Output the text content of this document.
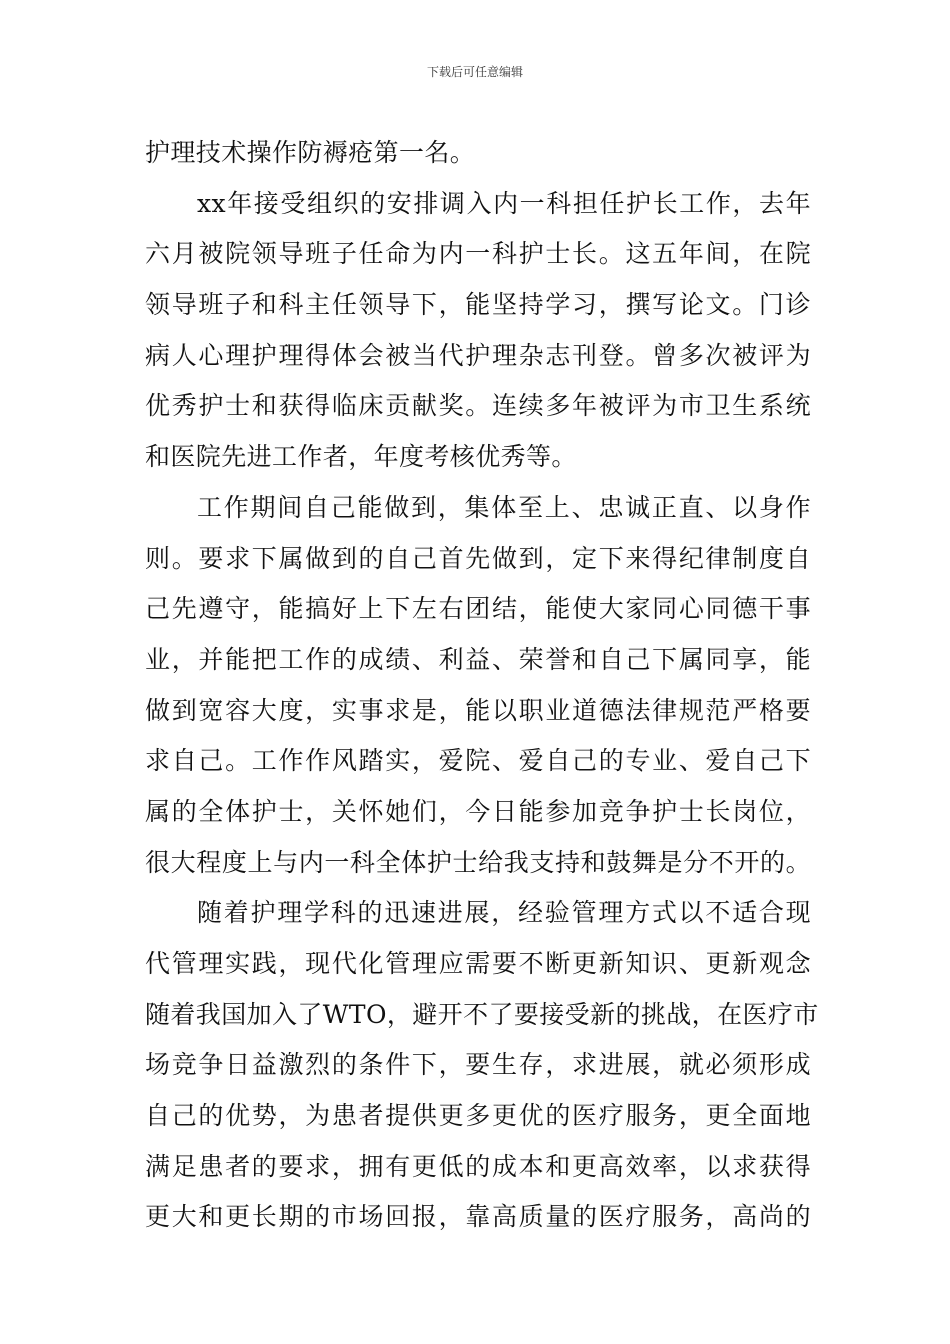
下载后可任意编辑
护理技术操作防褥疮第一名。
xx年接受组织的安排调入内一科担任护长工作，去年
六月被院领导班子任命为内一科护士长。这五年间，在院
领导班子和科主任领导下，能坚持学习，撰写论文。门诊
病人心理护理得体会被当代护理杂志刊登。曾多次被评为
优秀护士和获得临床贡献奖。连续多年被评为市卫生系统
和医院先进工作者，年度考核优秀等。
工作期间自己能做到，集体至上、忠诚正直、以身作
则。要求下属做到的自己首先做到，定下来得纪律制度自
己先遵守，能搞好上下左右团结，能使大家同心同德干事
业，并能把工作的成绩、利益、荣誉和自己下属同享，能
做到宽容大度，实事求是，能以职业道德法律规范严格要
求自己。工作作风踏实，爱院、爱自己的专业、爱自己下
属的全体护士，关怀她们，今日能参加竞争护士长岗位，
很大程度上与内一科全体护士给我支持和鼓舞是分不开的。
随着护理学科的迅速进展，经验管理方式以不适合现
代管理实践，现代化管理应需要不断更新知识、更新观念
随着我国加入了WTO，避开不了要接受新的挑战，在医疗市
场竞争日益激烈的条件下，要生存，求进展，就必须形成
自己的优势，为患者提供更多更优的医疗服务，更全面地
满足患者的要求，拥有更低的成本和更高效率，以求获得
更大和更长期的市场回报，靠高质量的医疗服务，高尚的
